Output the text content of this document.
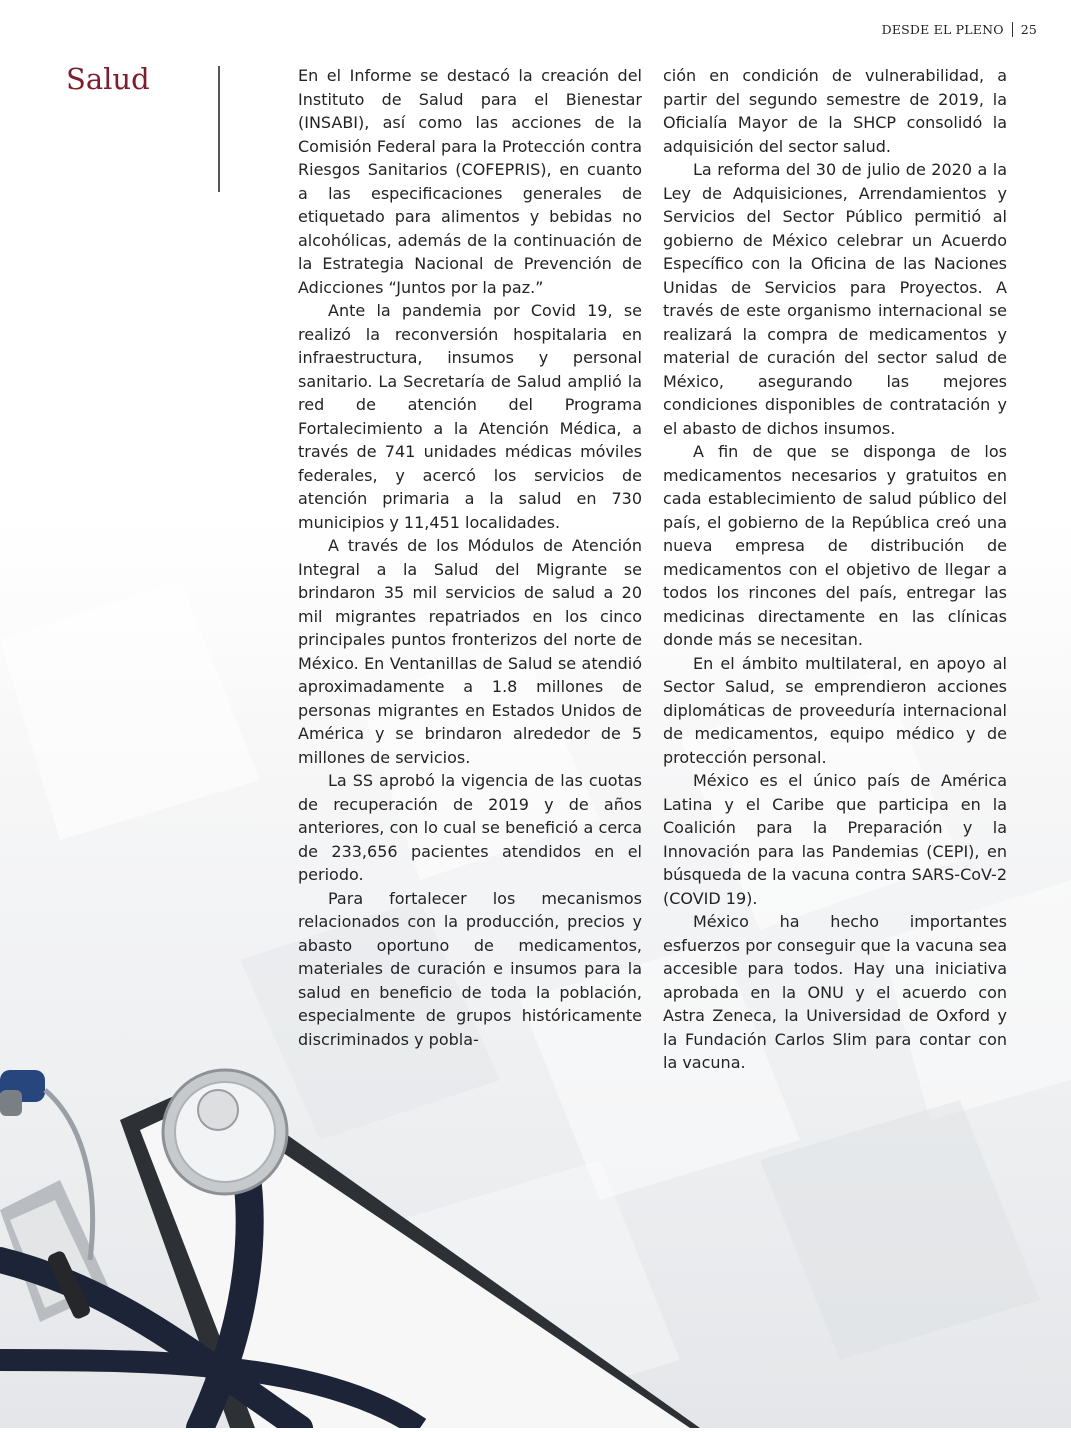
DESDE EL PLENO 25
Salud	En el Informe se destacó la creación del Instituto de Salud para el Bienestar (INSABI), así como las acciones de la Comisión Federal para la Protección contra Riesgos Sanitarios (COFEPRIS), en cuanto a las especificaciones generales de etiquetado para alimentos y bebidas no alcohólicas, además de la continuación de la Estrategia Nacional de Prevención de Adicciones “Juntos por la paz.”

Ante la pandemia por Covid 19, se realizó la reconversión hospitalaria en infraestructura, insumos y personal sanitario. La Secretaría de Salud amplió la red de atención del Programa Fortalecimiento a la Atención Médica, a través de 741 unidades médicas móviles federales, y acercó los servicios de atención primaria a la salud en 730 municipios y 11,451 localidades.

A través de los Módulos de Atención Integral a la Salud del Migrante se brindaron 35 mil servicios de salud a 20 mil migrantes repatriados en los cinco principales puntos fronterizos del norte de México. En Ventanillas de Salud se atendió aproximadamente a 1.8 millones de personas migrantes en Estados Unidos de América y se brindaron alrededor de 5 millones de servicios.

La SS aprobó la vigencia de las cuotas de recuperación de 2019 y de años anteriores, con lo cual se benefició a cerca de 233,656 pacientes atendidos en el periodo.

Para fortalecer los mecanismos relacionados con la producción, precios y abasto oportuno de medicamentos, materiales de curación e insumos para la salud en beneficio de toda la población, especialmente de grupos históricamente discriminados y pobla-

ción en condición de vulnerabilidad, a partir del segundo semestre de 2019, la Oficialía Mayor de la SHCP consolidó la adquisición del sector salud.

La reforma del 30 de julio de 2020 a la Ley de Adquisiciones, Arrendamientos y Servicios del Sector Público permitió al gobierno de México celebrar un Acuerdo Específico con la Oficina de las Naciones Unidas de Servicios para Proyectos. A través de este organismo internacional se realizará la compra de medicamentos y material de curación del sector salud de México, asegurando las mejores condiciones disponibles de contratación y el abasto de dichos insumos.

A fin de que se disponga de los medicamentos necesarios y gratuitos en cada establecimiento de salud público del país, el gobierno de la República creó una nueva empresa de distribución de medicamentos con el objetivo de llegar a todos los rincones del país, entregar las medicinas directamente en las clínicas donde más se necesitan.

En el ámbito multilateral, en apoyo al Sector Salud, se emprendieron acciones diplomáticas de proveeduría internacional de medicamentos, equipo médico y de protección personal.

México es el único país de América Latina y el Caribe que participa en la Coalición para la Preparación y la Innovación para las Pandemias (CEPI), en búsqueda de la vacuna contra SARS-CoV-2 (COVID 19).

México ha hecho importantes esfuerzos por conseguir que la vacuna sea accesible para todos. Hay una iniciativa aprobada en la ONU y el acuerdo con Astra Zeneca, la Universidad de Oxford y la Fundación Carlos Slim para contar con la vacuna.
